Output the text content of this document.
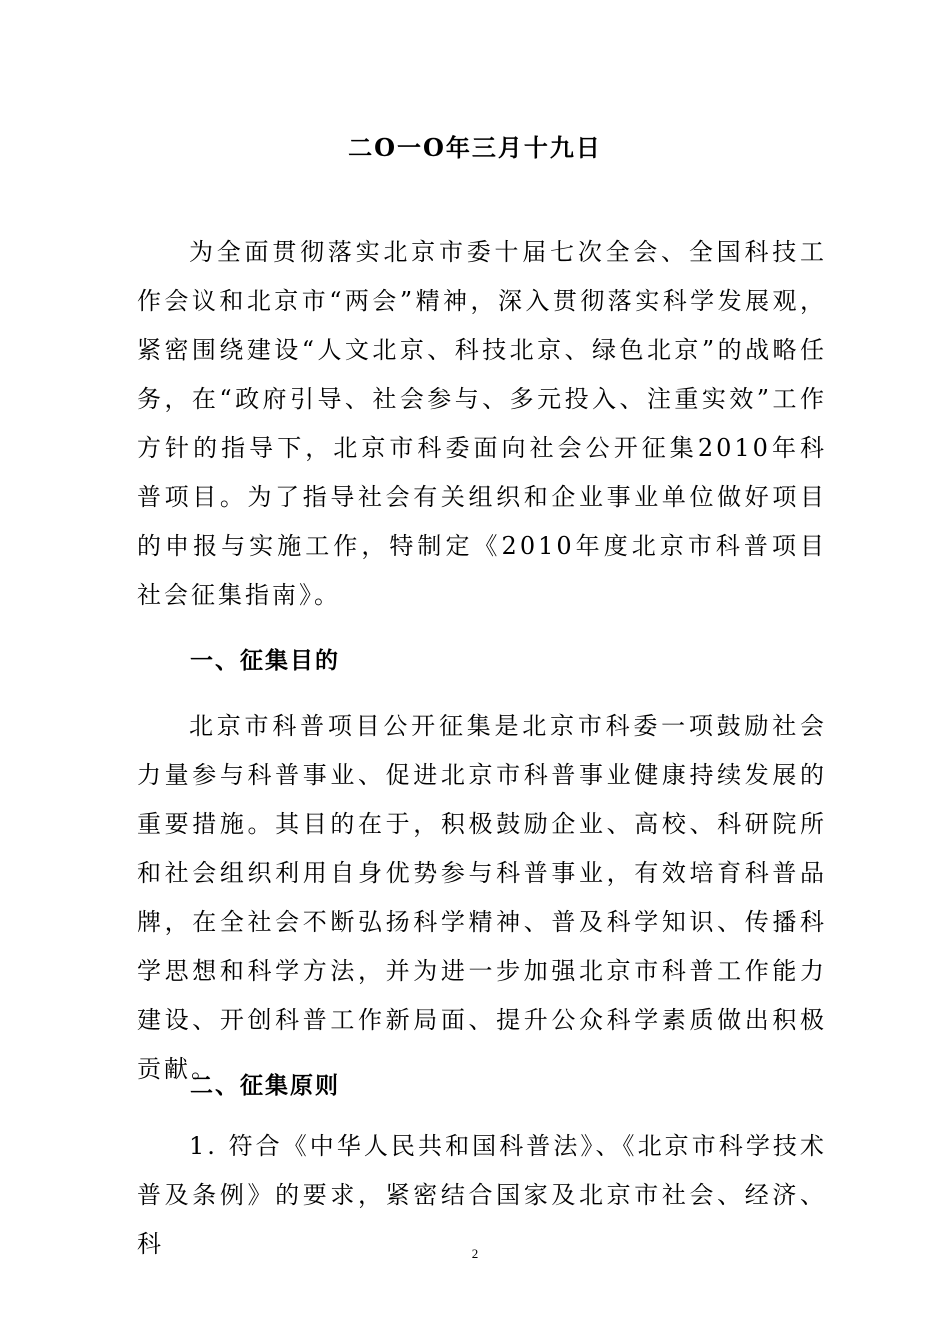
二O一O年三月十九日

为全面贯彻落实北京市委十届七次全会、全国科技工作会议和北京市“两会”精神，深入贯彻落实科学发展观，紧密围绕建设“人文北京、科技北京、绿色北京”的战略任务，在“政府引导、社会参与、多元投入、注重实效”工作方针的指导下，北京市科委面向社会公开征集2010年科普项目。为了指导社会有关组织和企业事业单位做好项目的申报与实施工作，特制定《2010年度北京市科普项目社会征集指南》。

一、征集目的

北京市科普项目公开征集是北京市科委一项鼓励社会力量参与科普事业、促进北京市科普事业健康持续发展的重要措施。其目的在于，积极鼓励企业、高校、科研院所和社会组织利用自身优势参与科普事业，有效培育科普品牌，在全社会不断弘扬科学精神、普及科学知识、传播科学思想和科学方法，并为进一步加强北京市科普工作能力建设、开创科普工作新局面、提升公众科学素质做出积极贡献。

二、征集原则

1. 符合《中华人民共和国科普法》、《北京市科学技术普及条例》的要求，紧密结合国家及北京市社会、经济、科	2
